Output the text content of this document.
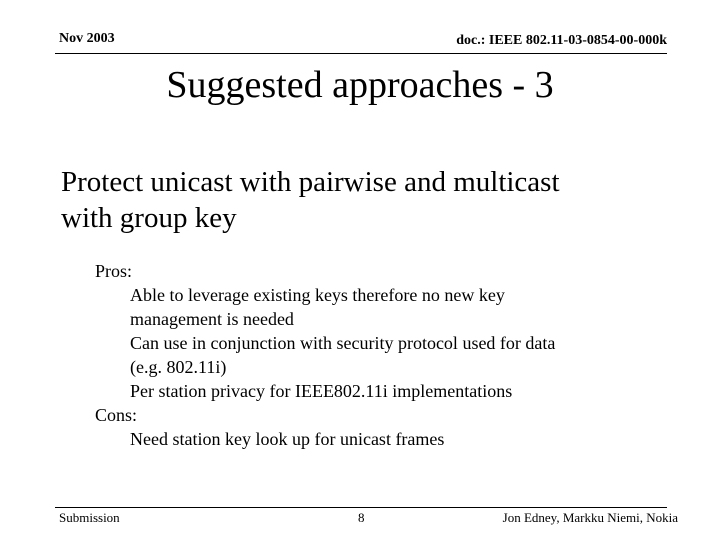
Nov 2003	doc.: IEEE 802.11-03-0854-00-000k
Suggested approaches - 3
Protect unicast with pairwise and multicast
with group key
Pros:
Able to leverage existing keys therefore no new key
management is needed
Can use in conjunction with security protocol used for data
(e.g. 802.11i)
Per station privacy for IEEE802.11i implementations
Cons:
Need station key look up for unicast frames
Submission	8	Jon Edney, Markku Niemi, Nokia
